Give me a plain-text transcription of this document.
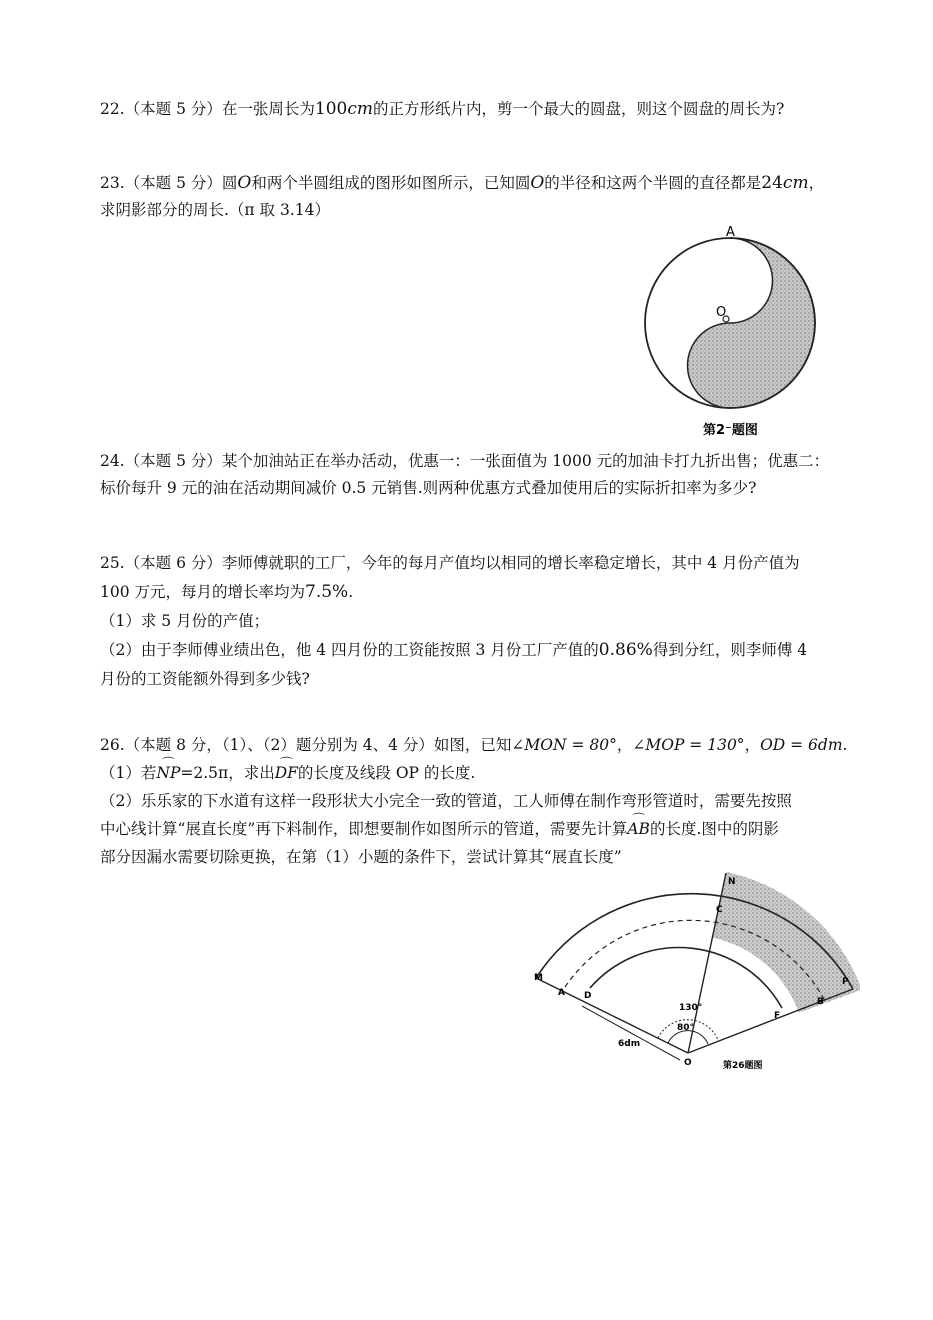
22.（本题 5 分）在一张周长为100cm的正方形纸片内，剪一个最大的圆盘，则这个圆盘的周长为?
23.（本题 5 分）圆O和两个半圆组成的图形如图所示，已知圆O的半径和这两个半圆的直径都是24cm，
求阴影部分的周长.（π 取 3.14）
A
O
第2⁻题图
24.（本题 5 分）某个加油站正在举办活动，优惠一：一张面值为 1000 元的加油卡打九折出售；优惠二：
标价每升 9 元的油在活动期间减价 0.5 元销售.则两种优惠方式叠加使用后的实际折扣率为多少?
25.（本题 6 分）李师傅就职的工厂，今年的每月产值均以相同的增长率稳定增长，其中 4 月份产值为
100 万元，每月的增长率均为7.5%.
（1）求 5 月份的产值；
（2）由于李师傅业绩出色，他 4 四月份的工资能按照 3 月份工厂产值的0.86%得到分红，则李师傅 4
月份的工资能额外得到多少钱?
26.（本题 8 分，（1）、（2）题分别为 4、4 分）如图，已知∠MON = 80°，∠MOP = 130°，OD = 6dm.
（1）若⌒ NP=2.5π，求出⌒ DF的长度及线段 OP 的长度.
（2）乐乐家的下水道有这样一段形状大小完全一致的管道，工人师傅在制作弯形管道时，需要先按照
中心线计算“展直长度”再下料制作，即想要制作如图所示的管道，需要先计算⌒ AB的长度.图中的阴影
部分因漏水需要切除更换，在第（1）小题的条件下，尝试计算其“展直长度”
N
C
M
A D
O
F
B
P
130°
80°
6dm
第26题图
